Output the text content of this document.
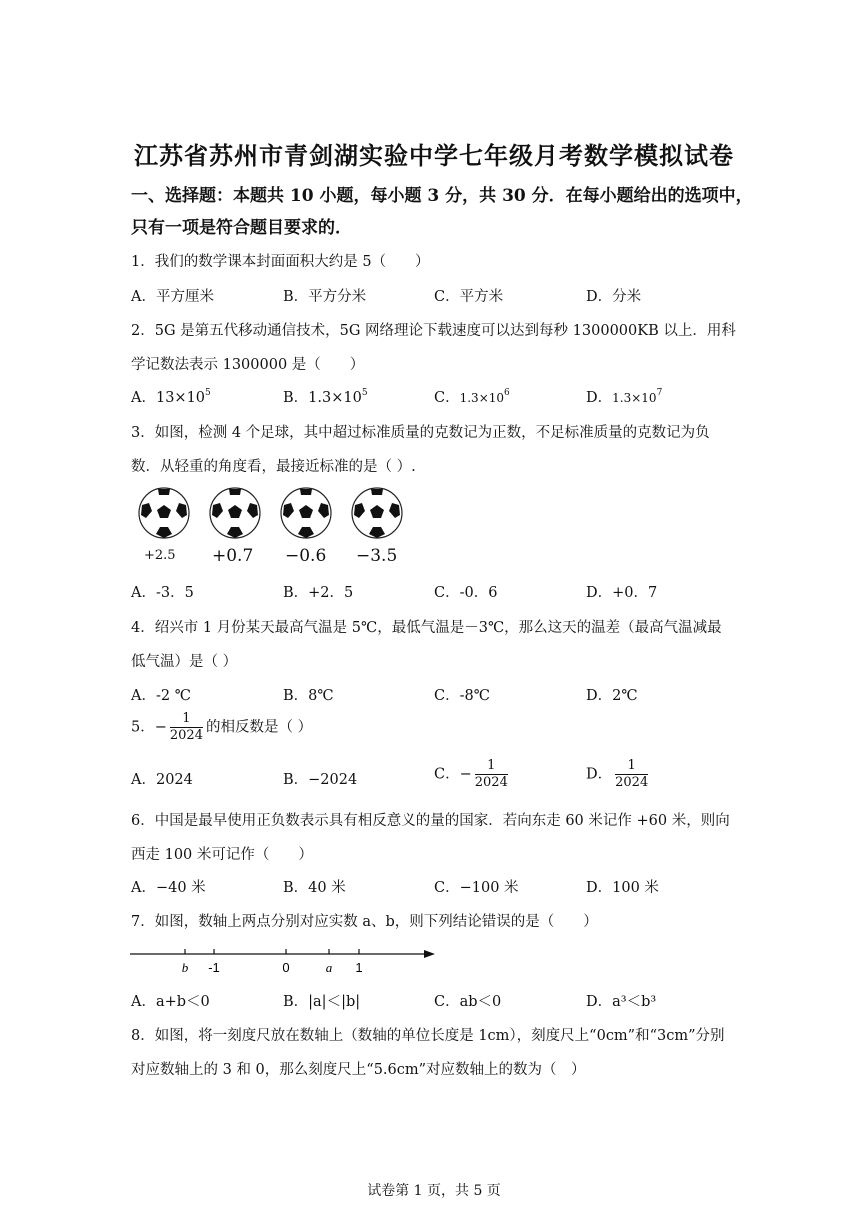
江苏省苏州市青剑湖实验中学七年级月考数学模拟试卷
一、选择题：本题共 10 小题，每小题 3 分，共 30 分．在每小题给出的选项中，
只有一项是符合题目要求的．
1．我们的数学课本封面面积大约是 5（　　）
A．平方厘米	B．平方分米	C．平方米	D．分米
2．5G 是第五代移动通信技术，5G 网络理论下载速度可以达到每秒 1300000KB 以上．用科
学记数法表示 1300000 是（　　）
A．$13\times 10^5$	B．$1.3\times 10^5$	C．$1.3\times 10^6$	D．$1.3\times 10^7$
3．如图，检测 4 个足球，其中超过标准质量的克数记为正数，不足标准质量的克数记为负
数．从轻重的角度看，最接近标准的是（ ）.
+2.5 +0.7 −0.6 −3.5
A．-3．5	B．+2．5	C．-0．6	D．+0．7
4．绍兴市 1 月份某天最高气温是 5℃，最低气温是－3℃，那么这天的温差（最高气温减最
低气温）是（ ）
A．-2 ℃	B．8℃	C．-8℃	D．2℃
5．− $\frac{1}{2024}$ 的相反数是（ ）
A．2024	B．−2024	C．− $\frac{1}{2024}$	D． $\frac{1}{2024}$
6．中国是最早使用正负数表示具有相反意义的量的国家．若向东走 60 米记作 +60 米，则向
西走 100 米可记作（　　）
A．−40 米	B．40 米	C．−100 米	D．100 米
7．如图，数轴上两点分别对应实数 a、b，则下列结论错误的是（　　）
b -1	0	a 1
A．a+b＜0	B．|a|＜|b|	C．ab＜0	D．a³＜b³
8．如图，将一刻度尺放在数轴上（数轴的单位长度是 1cm），刻度尺上“0cm”和“3cm”分别
对应数轴上的 3 和 0，那么刻度尺上“5.6cm”对应数轴上的数为（　）
试卷第 1 页，共 5 页
